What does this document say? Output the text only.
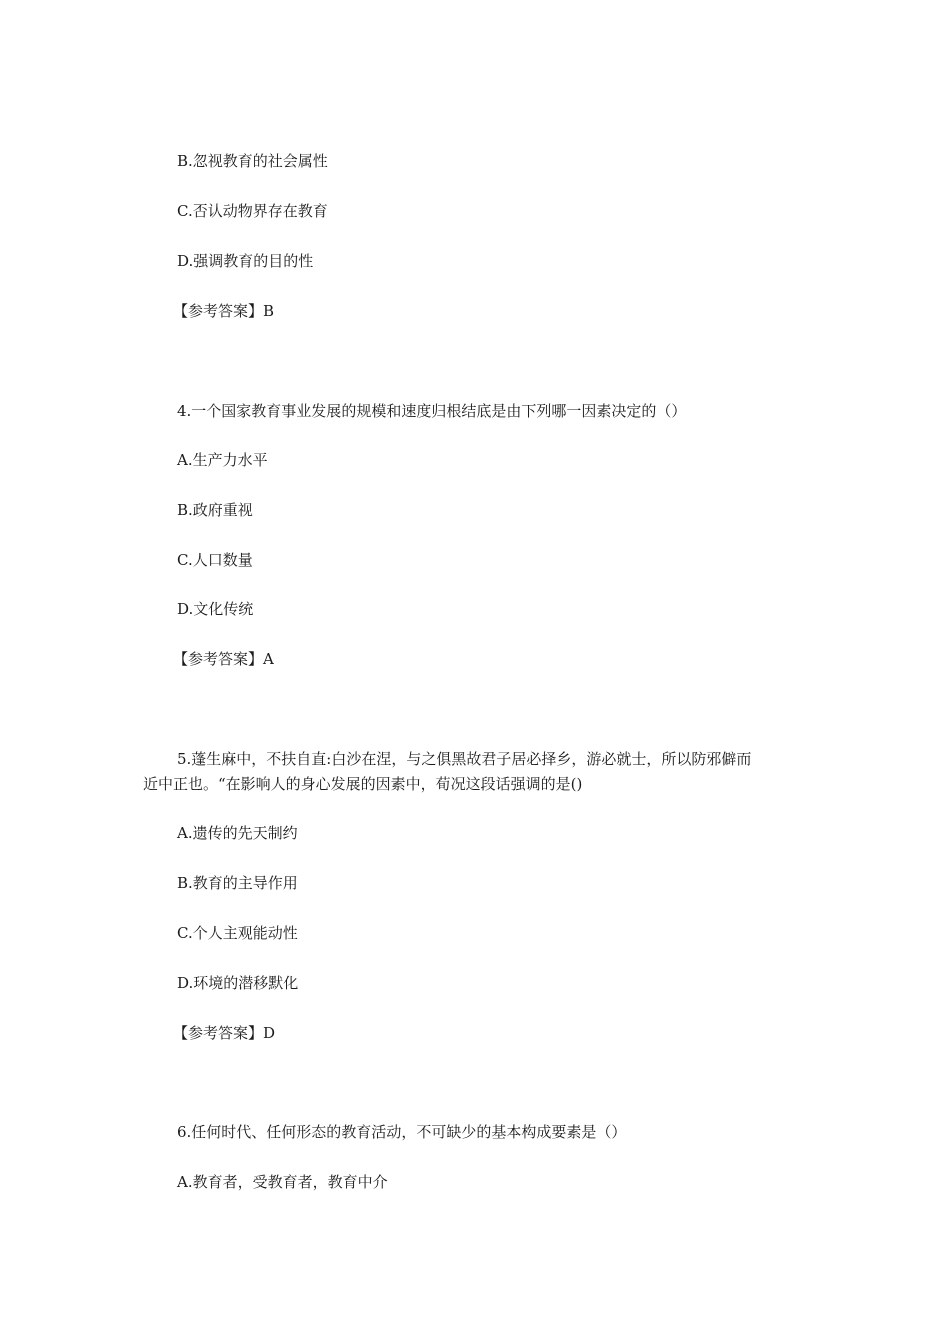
B.忽视教育的社会属性

C.否认动物界存在教育

D.强调教育的目的性

【参考答案】B

4.一个国家教育事业发展的规模和速度归根结底是由下列哪一因素决定的（）

A.生产力水平

B.政府重视

C.人口数量

D.文化传统

【参考答案】A

5.蓬生麻中，不扶自直:白沙在涅，与之俱黑故君子居必择乡，游必就士，所以防邪僻而

近中正也。“在影响人的身心发展的因素中，荀况这段话强调的是()

A.遗传的先天制约

B.教育的主导作用

C.个人主观能动性

D.环境的潜移默化

【参考答案】D

6.任何时代、任何形态的教育活动，不可缺少的基本构成要素是（）

A.教育者，受教育者，教育中介
